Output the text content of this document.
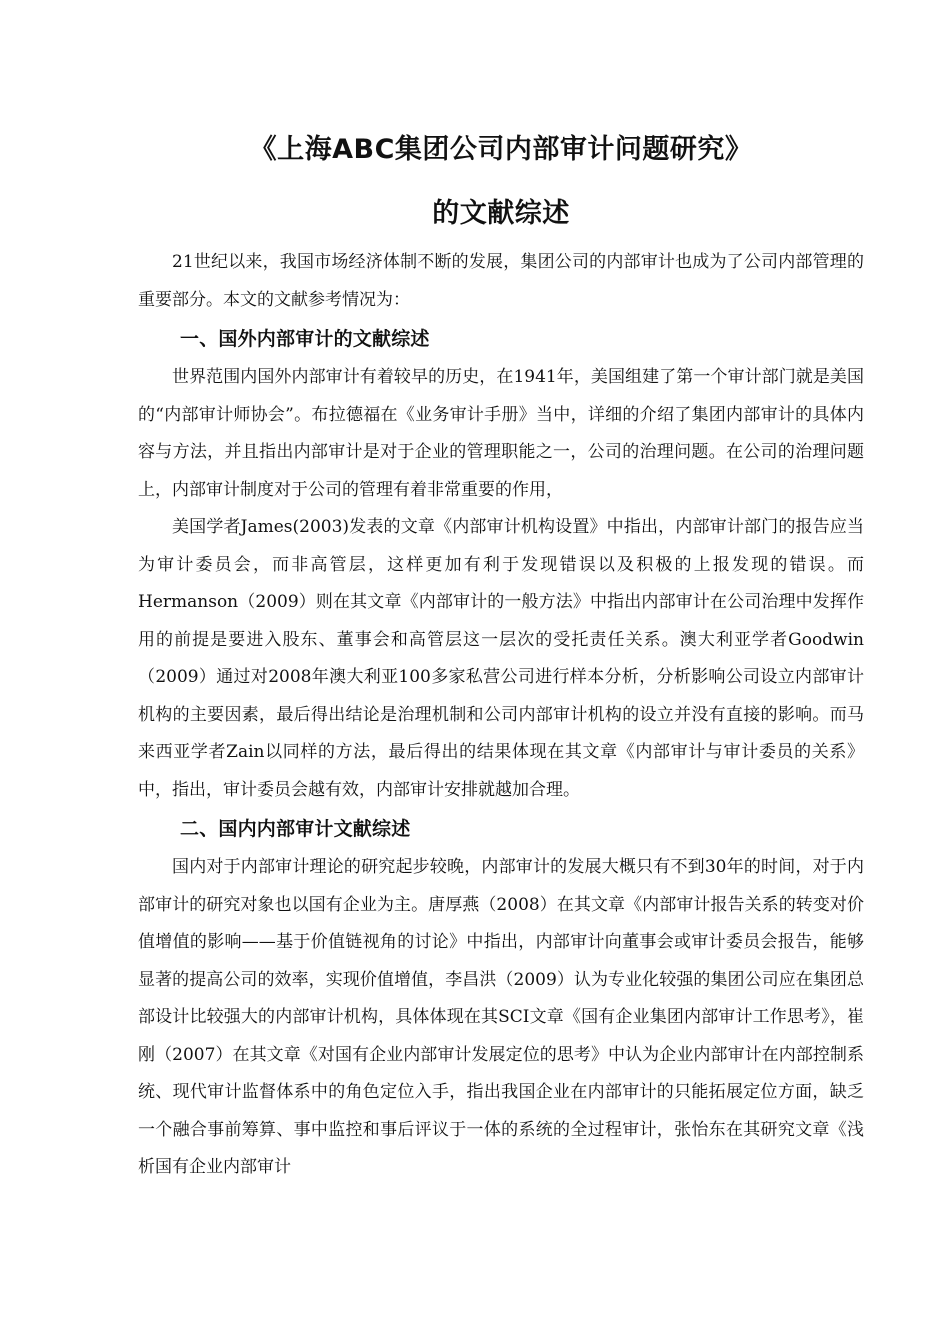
《上海ABC集团公司内部审计问题研究》
的文献综述

21世纪以来，我国市场经济体制不断的发展，集团公司的内部审计也成为了公司内部管理的重要部分。本文的文献参考情况为：

一、国外内部审计的文献综述

世界范围内国外内部审计有着较早的历史，在1941年，美国组建了第一个审计部门就是美国的“内部审计师协会”。布拉德福在《业务审计手册》当中，详细的介绍了集团内部审计的具体内容与方法，并且指出内部审计是对于企业的管理职能之一，公司的治理问题。在公司的治理问题上，内部审计制度对于公司的管理有着非常重要的作用，

美国学者James(2003)发表的文章《内部审计机构设置》中指出，内部审计部门的报告应当为审计委员会，而非高管层，这样更加有利于发现错误以及积极的上报发现的错误。而Hermanson（2009）则在其文章《内部审计的一般方法》中指出内部审计在公司治理中发挥作用的前提是要进入股东、董事会和高管层这一层次的受托责任关系。澳大利亚学者Goodwin（2009）通过对2008年澳大利亚100多家私营公司进行样本分析，分析影响公司设立内部审计机构的主要因素，最后得出结论是治理机制和公司内部审计机构的设立并没有直接的影响。而马来西亚学者Zain以同样的方法，最后得出的结果体现在其文章《内部审计与审计委员的关系》中，指出，审计委员会越有效，内部审计安排就越加合理。

二、国内内部审计文献综述

国内对于内部审计理论的研究起步较晚，内部审计的发展大概只有不到30年的时间，对于内部审计的研究对象也以国有企业为主。唐厚燕（2008）在其文章《内部审计报告关系的转变对价值增值的影响——基于价值链视角的讨论》中指出，内部审计向董事会或审计委员会报告，能够显著的提高公司的效率，实现价值增值，李昌洪（2009）认为专业化较强的集团公司应在集团总部设计比较强大的内部审计机构，具体体现在其SCI文章《国有企业集团内部审计工作思考》，崔刚（2007）在其文章《对国有企业内部审计发展定位的思考》中认为企业内部审计在内部控制系统、现代审计监督体系中的角色定位入手，指出我国企业在内部审计的只能拓展定位方面，缺乏一个融合事前筹算、事中监控和事后评议于一体的系统的全过程审计，张怡东在其研究文章《浅析国有企业内部审计
